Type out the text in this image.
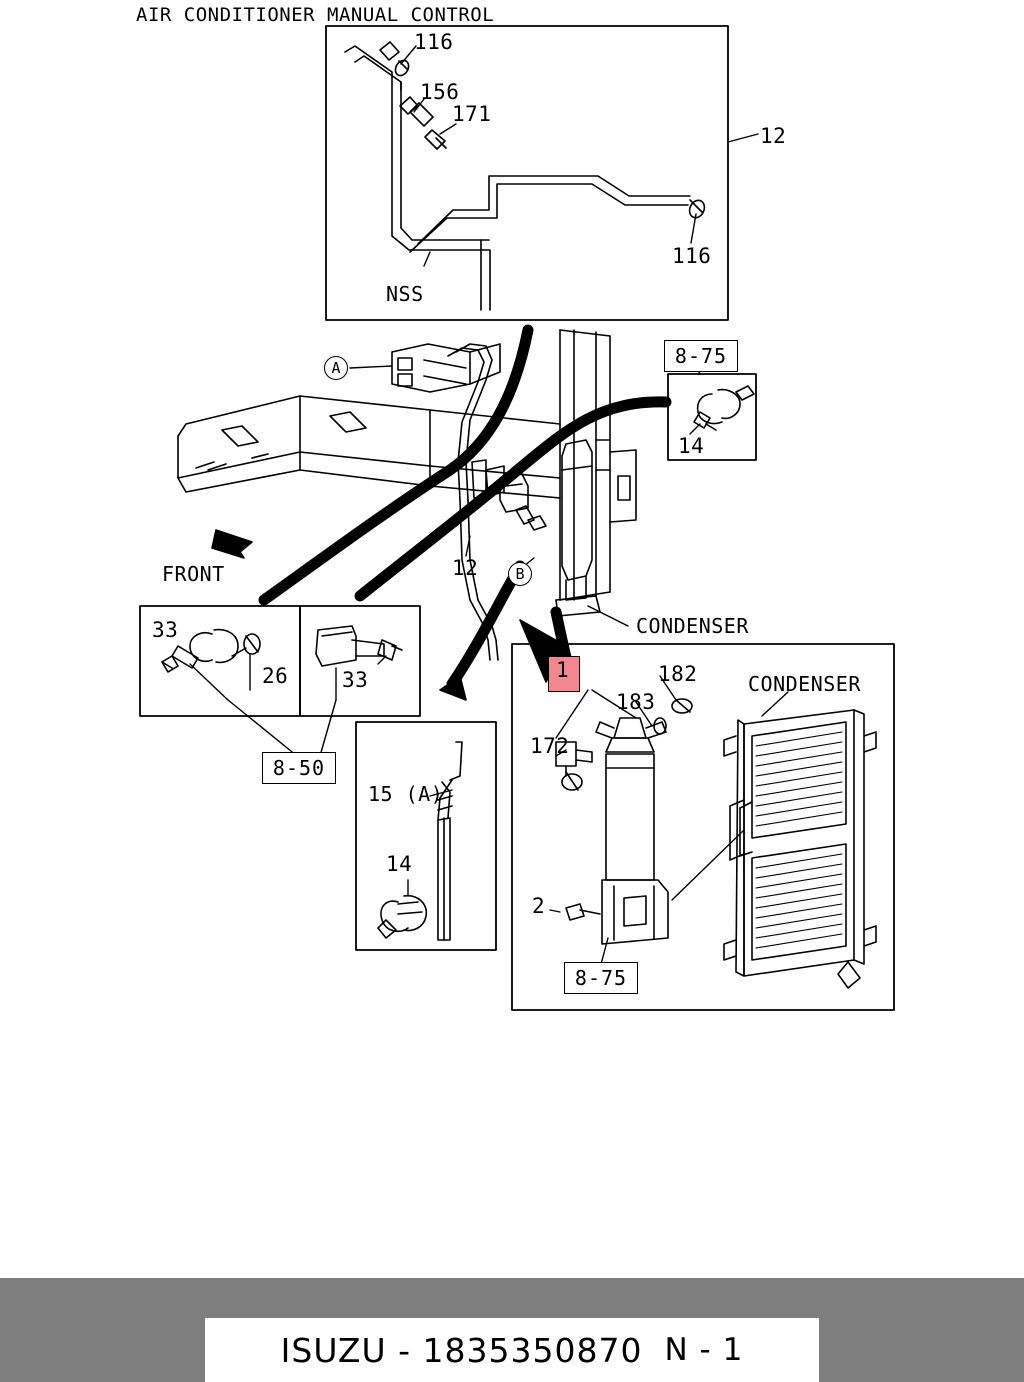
AIR CONDITIONER MANUAL CONTROL
116
156
171
116
12
NSS
A
B
FRONT	12
CONDENSER
8-75
14
33
26	33
8-50
15 (A)
14
CONDENSER
1	182
183
172
2
8-75
ISUZU - 1835350870 N - 1
